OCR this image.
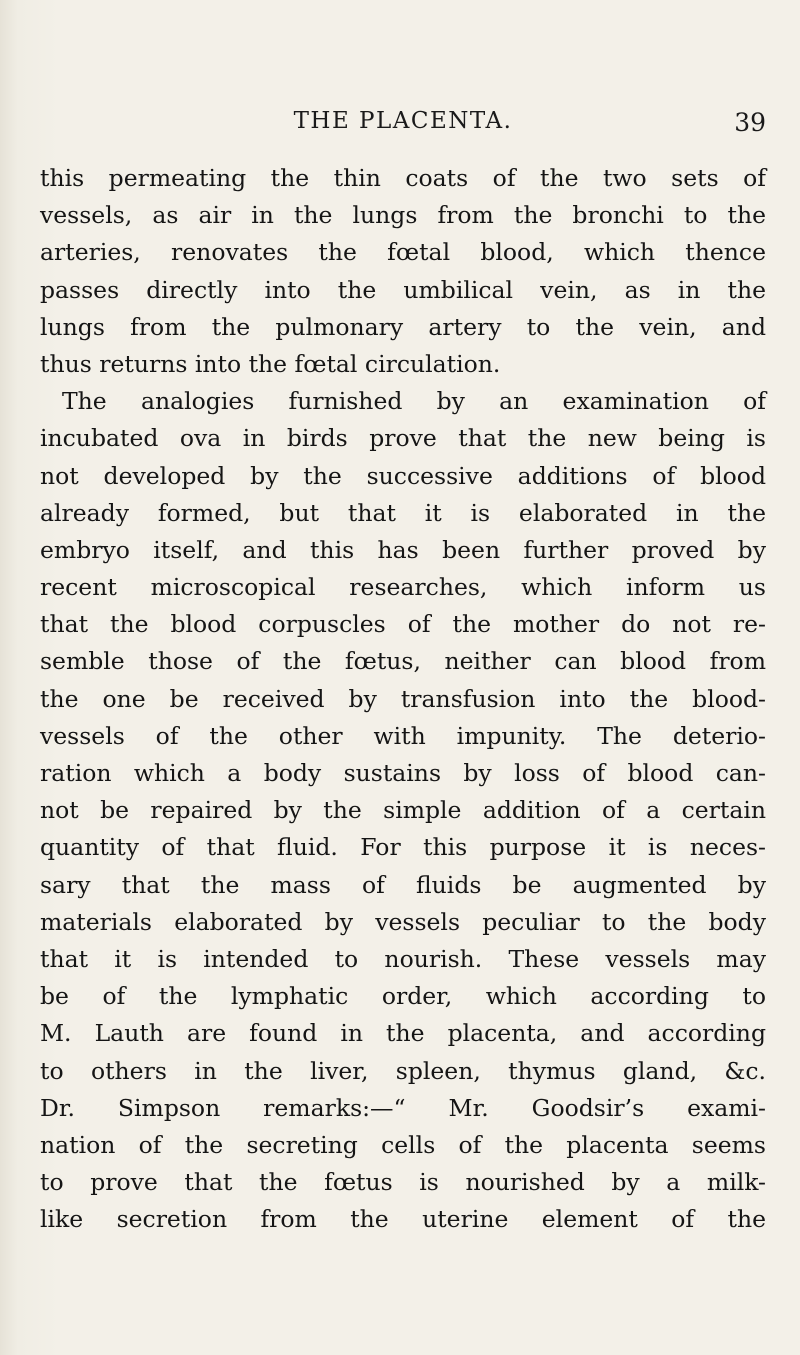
THE PLACENTA.	39
this permeating the thin coats of the two sets of
vessels, as air in the lungs from the bronchi to the
arteries, renovates the fœtal blood, which thence
passes directly into the umbilical vein, as in the
lungs from the pulmonary artery to the vein, and
thus returns into the fœtal circulation.
The analogies furnished by an examination of
incubated ova in birds prove that the new being is
not developed by the successive additions of blood
already formed, but that it is elaborated in the
embryo itself, and this has been further proved by
recent microscopical researches, which inform us
that the blood corpuscles of the mother do not re-
semble those of the fœtus, neither can blood from
the one be received by transfusion into the blood-
vessels of the other with impunity. The deterio-
ration which a body sustains by loss of blood can-
not be repaired by the simple addition of a certain
quantity of that fluid. For this purpose it is neces-
sary that the mass of fluids be augmented by
materials elaborated by vessels peculiar to the body
that it is intended to nourish. These vessels may
be of the lymphatic order, which according to
M. Lauth are found in the placenta, and according
to others in the liver, spleen, thymus gland, &c.
Dr. Simpson remarks:—“ Mr. Goodsir’s exami-
nation of the secreting cells of the placenta seems
to prove that the fœtus is nourished by a milk-
like secretion from the uterine element of the
